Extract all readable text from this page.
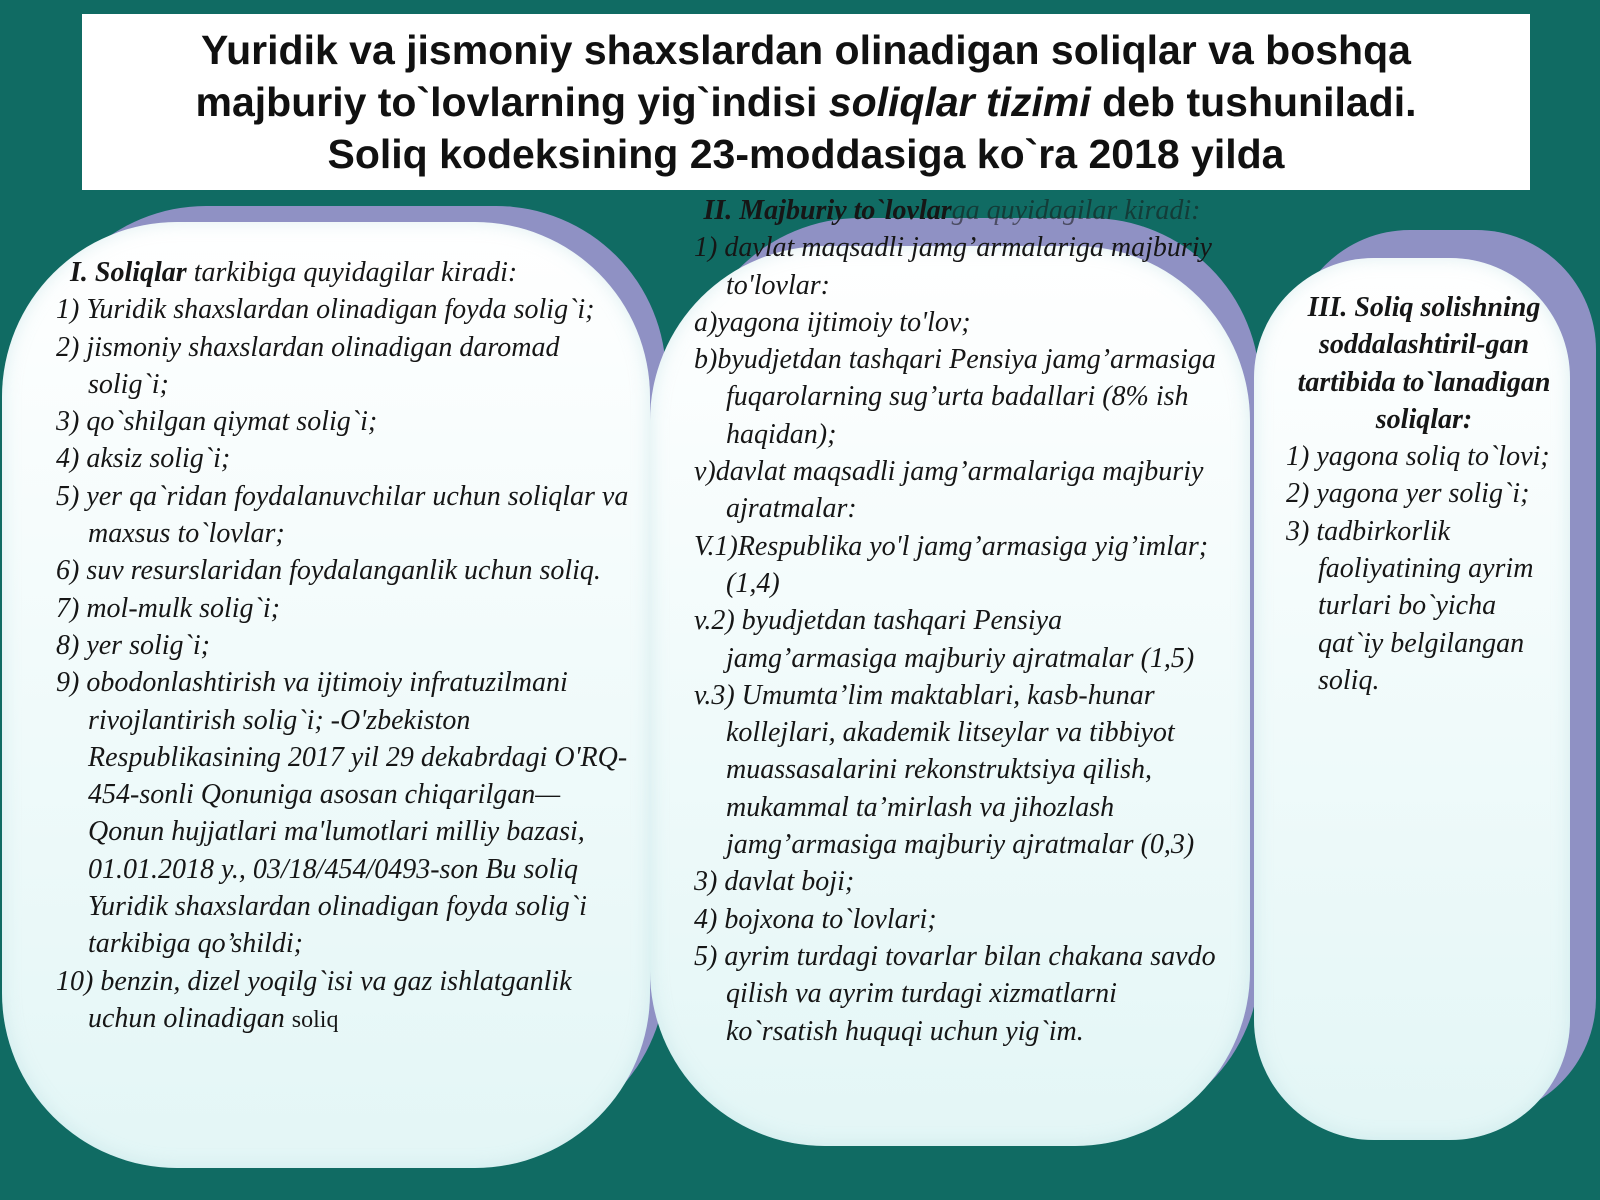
Yuridik va jismoniy shaxslardan olinadigan soliqlar va boshqa
majburiy to`lovlarning yig`indisi soliqlar tizimi deb tushuniladi.
Soliq kodeksining 23-moddasiga ko`ra 2018 yilda
I. Soliqlar tarkibiga quyidagilar kiradi:
1) Yuridik shaxslardan olinadigan foyda solig`i;
2) jismoniy shaxslardan olinadigan daromad solig`i;
3) qo`shilgan qiymat solig`i;
4) aksiz solig`i;
5) yer qa`ridan foydalanuvchilar uchun soliqlar va maxsus to`lovlar;
6) suv resurslaridan foydalanganlik uchun soliq.
7) mol-mulk solig`i;
8) yer solig`i;
9) obodonlashtirish va ijtimoiy infratuzilmani rivojlantirish solig`i; -O'zbekiston Respublikasining 2017 yil 29 dekabrdagi O'RQ-454-sonli Qonuniga asosan chiqarilgan— Qonun hujjatlari ma'lumotlari milliy bazasi, 01.01.2018 y., 03/18/454/0493-son Bu soliq Yuridik shaxslardan olinadigan foyda solig`i tarkibiga qo’shildi;
10) benzin, dizel yoqilg`isi va gaz ishlatganlik uchun olinadigan soliq
II. Majburiy to`lovlarga quyidagilar kiradi:
1) davlat maqsadli jamg’armalariga majburiy to'lovlar:
a)yagona ijtimoiy to'lov;
b)byudjetdan tashqari Pensiya jamg’armasiga fuqarolarning sug’urta badallari (8% ish haqidan);
v)davlat maqsadli jamg’armalariga majburiy ajratmalar:
V.1)Respublika yo'l jamg’armasiga yig’imlar;(1,4)
v.2) byudjetdan tashqari Pensiya jamg’armasiga majburiy ajratmalar (1,5)
v.3) Umumta’lim maktablari, kasb-hunar kollejlari, akademik litseylar va tibbiyot muassasalarini rekonstruktsiya qilish, mukammal ta’mirlash va jihozlash jamg’armasiga majburiy ajratmalar (0,3)
3) davlat boji;
4) bojxona to`lovlari;
5) ayrim turdagi tovarlar bilan chakana savdo qilish va ayrim turdagi xizmatlarni ko`rsatish huquqi uchun yig`im.
III. Soliq solishning soddalashtiril-gan tartibida to`lanadigan soliqlar:
1) yagona soliq to`lovi;
2) yagona yer solig`i;
3) tadbirkorlik faoliyatining ayrim turlari bo`yicha qat`iy belgilangan soliq.
